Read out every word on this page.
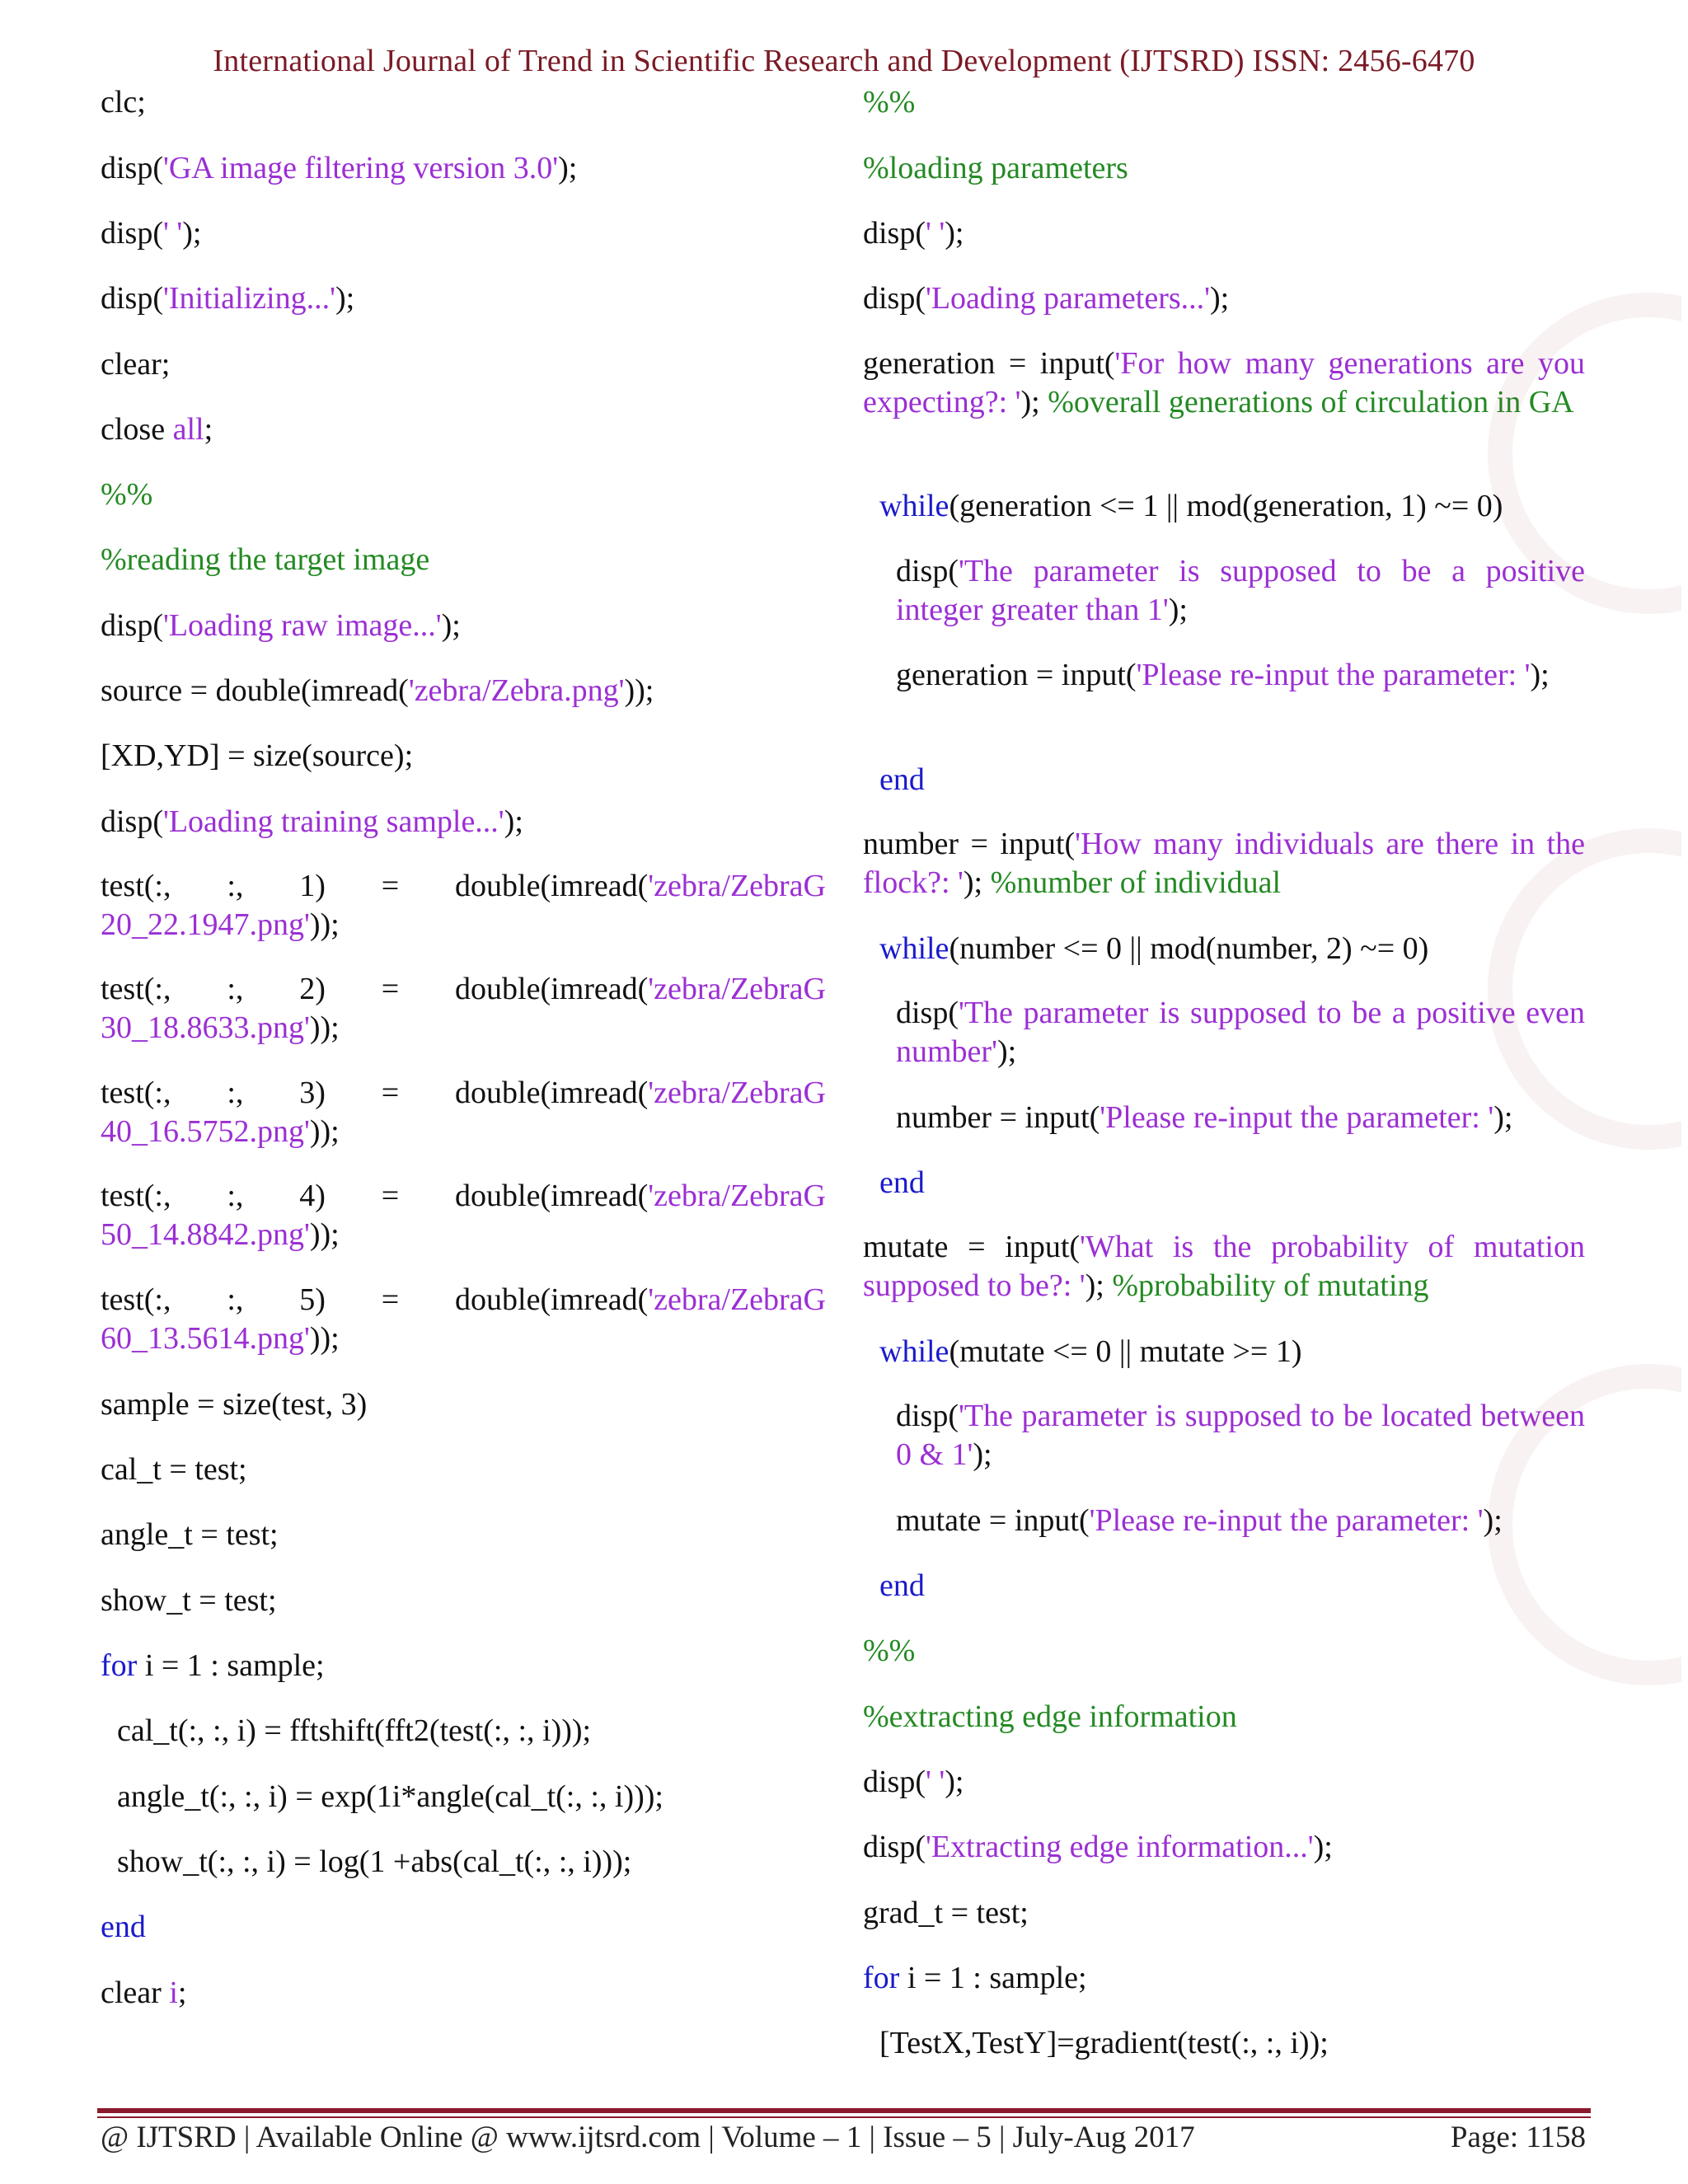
International Journal of Trend in Scientific Research and Development (IJTSRD) ISSN: 2456-6470
clc;
disp('GA image filtering version 3.0');
disp(' ');
disp('Initializing...');
clear;
close all;
%%
%reading the target image
disp('Loading raw image...');
source = double(imread('zebra/Zebra.png'));
[XD,YD] = size(source);
disp('Loading training sample...');
test(:, :, 1) = double(imread('zebra/ZebraG 20_22.1947.png'));
test(:, :, 2) = double(imread('zebra/ZebraG 30_18.8633.png'));
test(:, :, 3) = double(imread('zebra/ZebraG 40_16.5752.png'));
test(:, :, 4) = double(imread('zebra/ZebraG 50_14.8842.png'));
test(:, :, 5) = double(imread('zebra/ZebraG 60_13.5614.png'));
sample = size(test, 3)
cal_t = test;
angle_t = test;
show_t = test;
for i = 1 : sample;
cal_t(:, :, i) = fftshift(fft2(test(:, :, i)));
angle_t(:, :, i) = exp(1i*angle(cal_t(:, :, i)));
show_t(:, :, i) = log(1 +abs(cal_t(:, :, i)));
end
clear i;
%%
%loading parameters
disp(' ');
disp('Loading parameters...');
generation = input('For how many generations are you expecting?: '); %overall generations of circulation in GA
while(generation <= 1 || mod(generation, 1) ~= 0)
disp('The parameter is supposed to be a positive integer greater than 1');
generation = input('Please re-input the parameter: ');
end
number = input('How many individuals are there in the flock?: '); %number of individual
while(number <= 0 || mod(number, 2) ~= 0)
disp('The parameter is supposed to be a positive even number');
number = input('Please re-input the parameter: ');
end
mutate = input('What is the probability of mutation supposed to be?: '); %probability of mutating
while(mutate <= 0 || mutate >= 1)
disp('The parameter is supposed to be located between 0 & 1');
mutate = input('Please re-input the parameter: ');
end
%%
%extracting edge information
disp(' ');
disp('Extracting edge information...');
grad_t = test;
for i = 1 : sample;
[TestX,TestY]=gradient(test(:, :, i));
@ IJTSRD | Available Online @ www.ijtsrd.com | Volume – 1 | Issue – 5 | July-Aug 2017	Page: 1158
